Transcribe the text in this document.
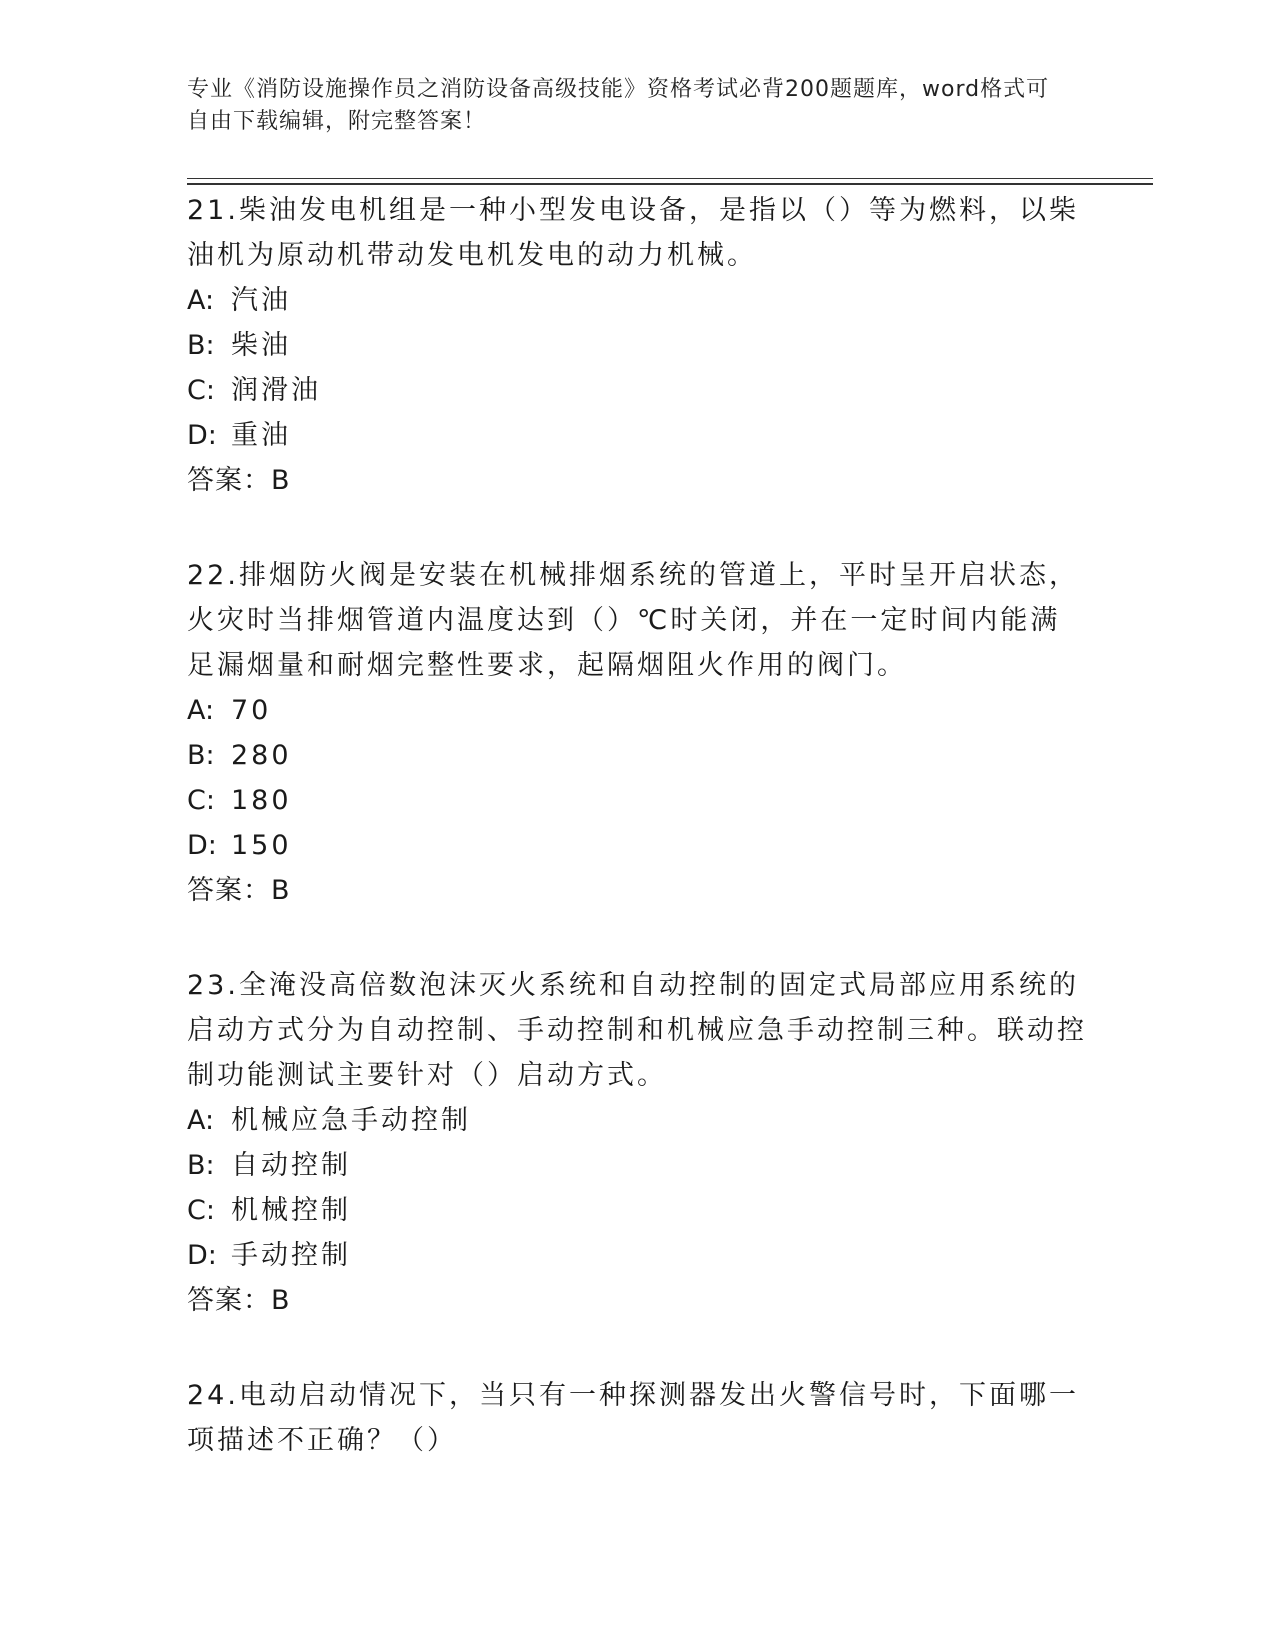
专业《消防设施操作员之消防设备高级技能》资格考试必背200题题库，word格式可自由下载编辑，附完整答案！

21.柴油发电机组是一种小型发电设备，是指以（）等为燃料，以柴油机为原动机带动发电机发电的动力机械。

A: 汽油

B: 柴油

C: 润滑油

D: 重油

答案：B

22.排烟防火阀是安装在机械排烟系统的管道上，平时呈开启状态，火灾时当排烟管道内温度达到（）℃时关闭，并在一定时间内能满足漏烟量和耐烟完整性要求，起隔烟阻火作用的阀门。

A: 70

B: 280

C: 180

D: 150

答案：B

23.全淹没高倍数泡沫灭火系统和自动控制的固定式局部应用系统的启动方式分为自动控制、手动控制和机械应急手动控制三种。联动控制功能测试主要针对（）启动方式。

A: 机械应急手动控制

B: 自动控制

C: 机械控制

D: 手动控制

答案：B

24.电动启动情况下，当只有一种探测器发出火警信号时，下面哪一项描述不正确？（）
